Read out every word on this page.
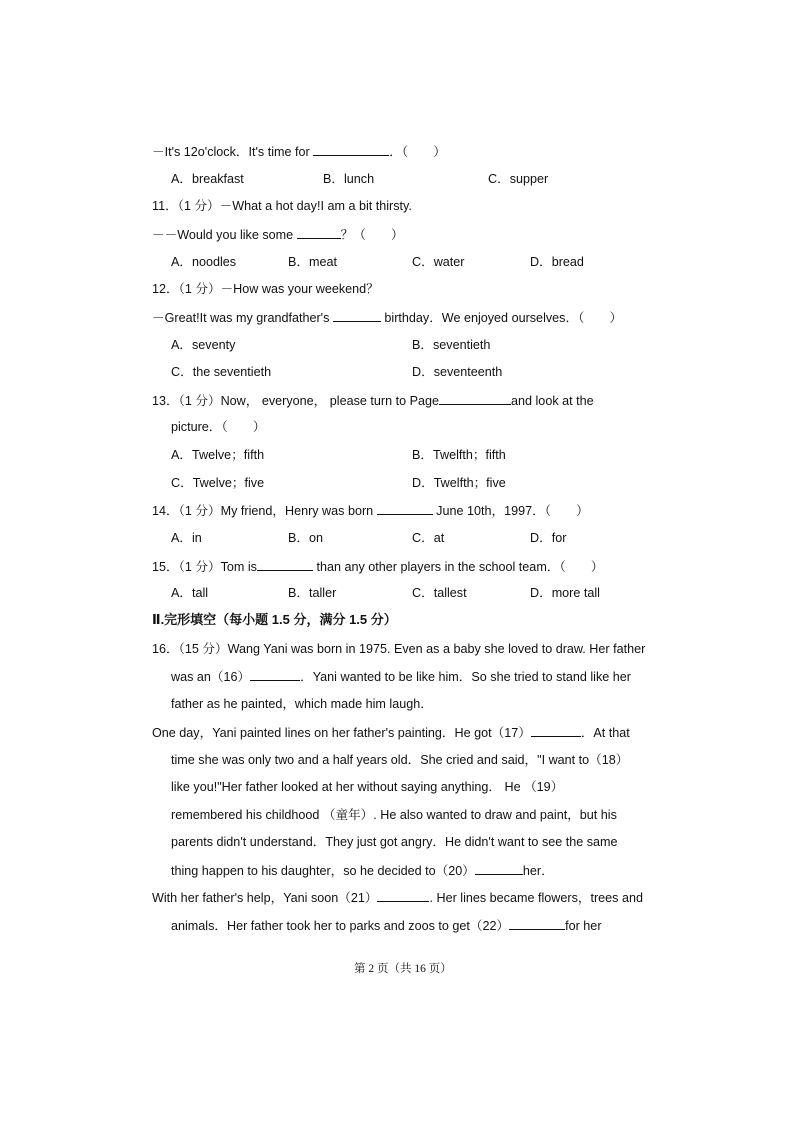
－It's 12o'clock．It's time for	．（　　）
A．breakfast	B．lunch	C．supper
11．（1 分）－What a hot day!I am a bit thirsty.
－－Would you like some	？（　　）
A．noodles	B．meat	C．water	D．bread
12．（1 分）－How was your weekend？
－Great!It was my grandfather's	birthday．We enjoyed ourselves．（　　）
A．seventy	B．seventieth
C．the seventieth	D．seventeenth
13．（1 分）Now， everyone， please turn to Page	and look at the
picture．（　　）
A．Twelve；fifth	B．Twelfth；fifth
C．Twelve；five	D．Twelfth；five
14．（1 分）My friend，Henry was born	June 10th，1997．（　　）
A．in	B．on	C．at	D．for
15．（1 分）Tom is	than any other players in the school team．（　　）
A．tall	B．taller	C．tallest	D．more tall
Ⅱ.完形填空（每小题 1.5 分，满分 1.5 分）
16．（15 分）Wang Yani was born in 1975. Even as a baby she loved to draw. Her father
was an（16）	．Yani wanted to be like him．So she tried to stand like her
father as he painted，which made him laugh．
One day，Yani painted lines on her father's painting．He got（17）	．At that
time she was only two and a half years old．She cried and said，"I want to（18）
like you!"Her father looked at her without saying anything． He （19）
remembered his childhood （童年）. He also wanted to draw and paint，but his
parents didn't understand．They just got angry．He didn't want to see the same
thing happen to his daughter，so he decided to（20）	her．
With her father's help，Yani soon（21）	. Her lines became flowers，trees and
animals．Her father took her to parks and zoos to get（22）	for her
第 2 页（共 16 页）
